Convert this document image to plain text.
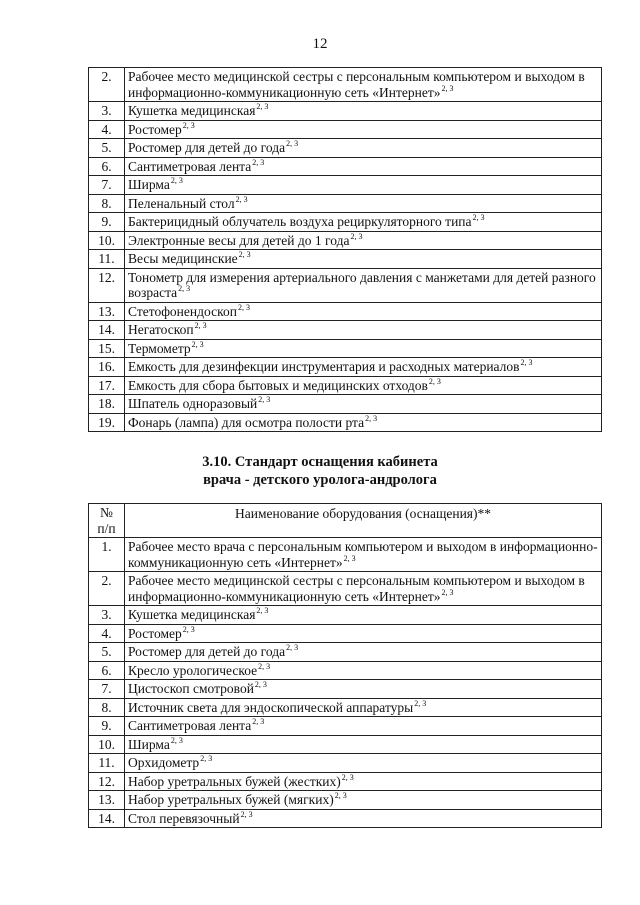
12
2.	Рабочее место медицинской сестры с персональным компьютером и выходом в информационно-коммуникационную сеть «Интернет»$^{2, 3}$
3.	Кушетка медицинская$^{2, 3}$
4.	Ростомер$^{2, 3}$
5.	Ростомер для детей до года$^{2, 3}$
6.	Сантиметровая лента$^{2, 3}$
7.	Ширма$^{2, 3}$
8.	Пеленальный стол$^{2, 3}$
9.	Бактерицидный облучатель воздуха рециркуляторного типа$^{2, 3}$
10.	Электронные весы для детей до 1 года$^{2, 3}$
11.	Весы медицинские$^{2, 3}$
12.	Тонометр для измерения артериального давления с манжетами для детей разного возраста$^{2, 3}$
13.	Стетофонендоскоп$^{2, 3}$
14.	Негатоскоп$^{2, 3}$
15.	Термометр$^{2, 3}$
16.	Емкость для дезинфекции инструментария и расходных материалов$^{2, 3}$
17.	Емкость для сбора бытовых и медицинских отходов$^{2, 3}$
18.	Шпатель одноразовый$^{2, 3}$
19.	Фонарь (лампа) для осмотра полости рта$^{2, 3}$
3.10. Стандарт оснащения кабинета
врача - детского уролога-андролога
№
п/п	Наименование оборудования (оснащения)**
1.	Рабочее место врача с персональным компьютером и выходом в информационно-коммуникационную сеть «Интернет»$^{2, 3}$
2.	Рабочее место медицинской сестры с персональным компьютером и выходом в информационно-коммуникационную сеть «Интернет»$^{2, 3}$
3.	Кушетка медицинская$^{2, 3}$
4.	Ростомер$^{2, 3}$
5.	Ростомер для детей до года$^{2, 3}$
6.	Кресло урологическое$^{2, 3}$
7.	Цистоскоп смотровой$^{2, 3}$
8.	Источник света для эндоскопической аппаратуры$^{2, 3}$
9.	Сантиметровая лента$^{2, 3}$
10.	Ширма$^{2, 3}$
11.	Орхидометр$^{2, 3}$
12.	Набор уретральных бужей (жестких)$^{2, 3}$
13.	Набор уретральных бужей (мягких)$^{2, 3}$
14.	Стол перевязочный$^{2, 3}$
